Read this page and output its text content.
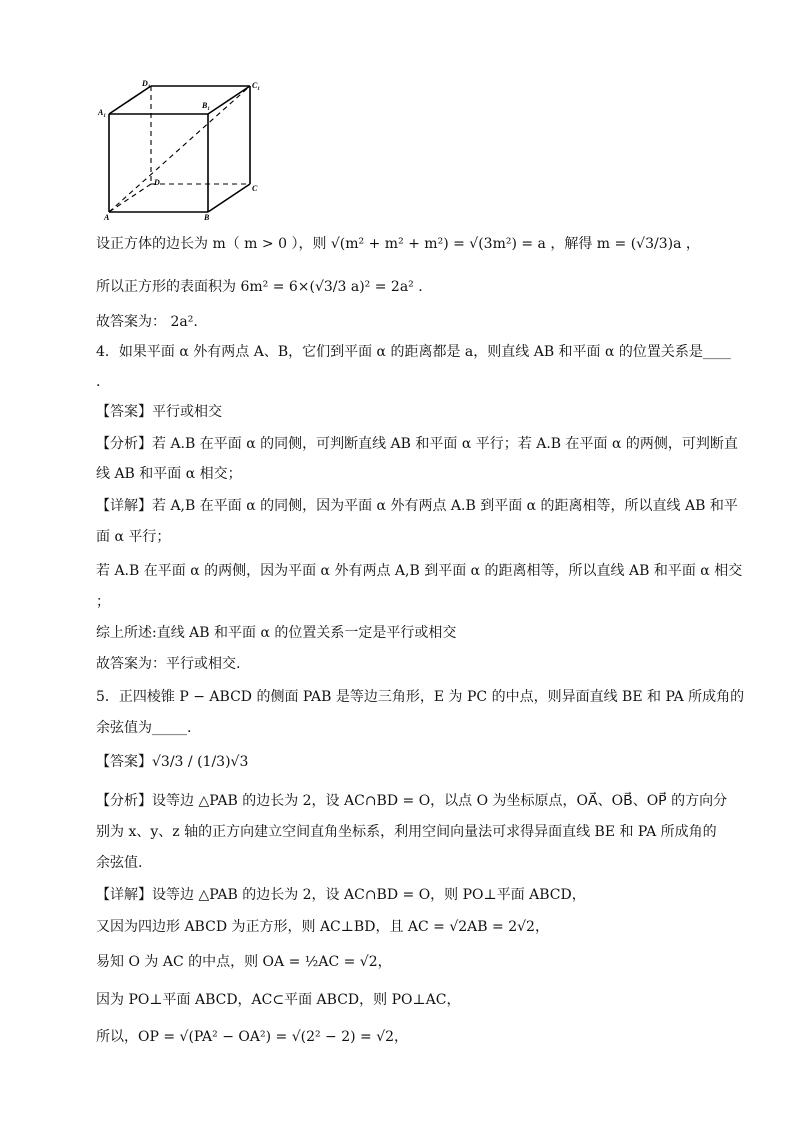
$D_1$	$C_1$
$A_1$
$B_1$
D
C
A	B
设正方体的边长为 m（ m > 0 ），则 √(m² + m² + m²) = √(3m²) = a ，解得 m = (√3/3)a ，
所以正方形的表面积为 6m² = 6×(√3/3 a)² = 2a² .
故答案为： 2a².
4．如果平面 α 外有两点 A、B，它们到平面 α 的距离都是 a，则直线 AB 和平面 α 的位置关系是____
.
【答案】平行或相交
【分析】若 A.B 在平面 α 的同侧，可判断直线 AB 和平面 α 平行；若 A.B 在平面 α 的两侧，可判断直
线 AB 和平面 α 相交；
【详解】若 A,B 在平面 α 的同侧，因为平面 α 外有两点 A.B 到平面 α 的距离相等，所以直线 AB 和平
面 α 平行；
若 A.B 在平面 α 的两侧，因为平面 α 外有两点 A,B 到平面 α 的距离相等，所以直线 AB 和平面 α 相交
；
综上所述:直线 AB 和平面 α 的位置关系一定是平行或相交
故答案为：平行或相交.
5．正四棱锥 P − ABCD 的侧面 PAB 是等边三角形，E 为 PC 的中点，则异面直线 BE 和 PA 所成角的
余弦值为_____.
【答案】√3/3 / (1/3)√3
【分析】设等边 △PAB 的边长为 2，设 AC∩BD = O，以点 O 为坐标原点，OA⃗、OB⃗、OP⃗ 的方向分
别为 x、y、z 轴的正方向建立空间直角坐标系，利用空间向量法可求得异面直线 BE 和 PA 所成角的
余弦值.
【详解】设等边 △PAB 的边长为 2，设 AC∩BD = O，则 PO⊥平面 ABCD，
又因为四边形 ABCD 为正方形，则 AC⊥BD，且 AC = √2AB = 2√2，
易知 O 为 AC 的中点，则 OA = ½AC = √2，
因为 PO⊥平面 ABCD，AC⊂平面 ABCD，则 PO⊥AC，
所以，OP = √(PA² − OA²) = √(2² − 2) = √2，
